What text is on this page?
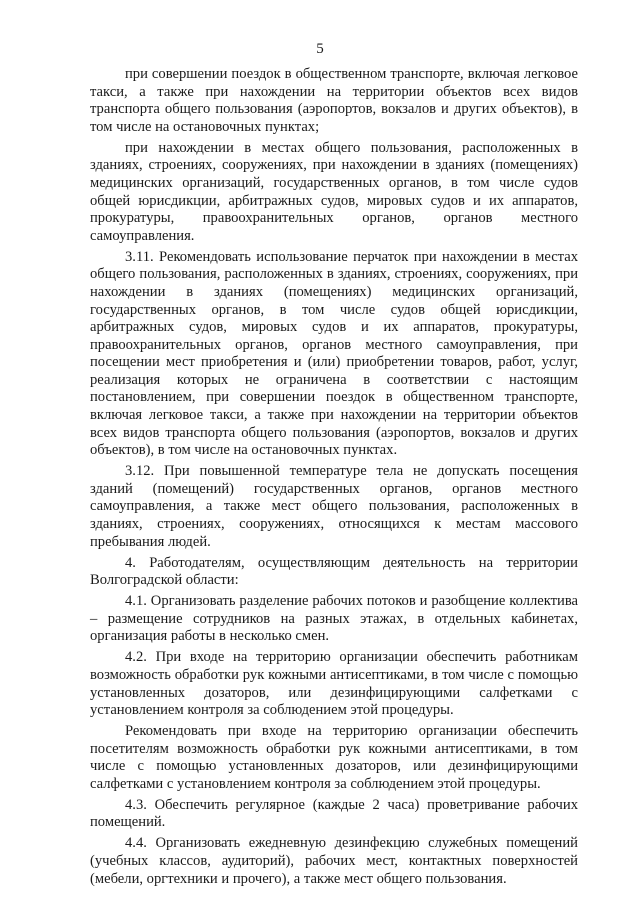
5

при совершении поездок в общественном транспорте, включая легковое такси, а также при нахождении на территории объектов всех видов транспорта общего пользования (аэропортов, вокзалов и других объектов), в том числе на остановочных пунктах;

при нахождении в местах общего пользования, расположенных в зданиях, строениях, сооружениях, при нахождении в зданиях (помещениях) медицинских организаций, государственных органов, в том числе судов общей юрисдикции, арбитражных судов, мировых судов и их аппаратов, прокуратуры, правоохранительных органов, органов местного самоуправления.

3.11. Рекомендовать использование перчаток при нахождении в местах общего пользования, расположенных в зданиях, строениях, сооружениях, при нахождении в зданиях (помещениях) медицинских организаций, государственных органов, в том числе судов общей юрисдикции, арбитражных судов, мировых судов и их аппаратов, прокуратуры, правоохранительных органов, органов местного самоуправления, при посещении мест приобретения и (или) приобретении товаров, работ, услуг, реализация которых не ограничена в соответствии с настоящим постановлением, при совершении поездок в общественном транспорте, включая легковое такси, а также при нахождении на территории объектов всех видов транспорта общего пользования (аэропортов, вокзалов и других объектов), в том числе на остановочных пунктах.

3.12. При повышенной температуре тела не допускать посещения зданий (помещений) государственных органов, органов местного самоуправления, а также мест общего пользования, расположенных в зданиях, строениях, сооружениях, относящихся к местам массового пребывания людей.

4. Работодателям, осуществляющим деятельность на территории Волгоградской области:

4.1. Организовать разделение рабочих потоков и разобщение коллектива – размещение сотрудников на разных этажах, в отдельных кабинетах, организация работы в несколько смен.

4.2. При входе на территорию организации обеспечить работникам возможность обработки рук кожными антисептиками, в том числе с помощью установленных дозаторов, или дезинфицирующими салфетками с установлением контроля за соблюдением этой процедуры.

Рекомендовать при входе на территорию организации обеспечить посетителям возможность обработки рук кожными антисептиками, в том числе с помощью установленных дозаторов, или дезинфицирующими салфетками с установлением контроля за соблюдением этой процедуры.

4.3. Обеспечить регулярное (каждые 2 часа) проветривание рабочих помещений.

4.4. Организовать ежедневную дезинфекцию служебных помещений (учебных классов, аудиторий), рабочих мест, контактных поверхностей (мебели, оргтехники и прочего), а также мест общего пользования.
